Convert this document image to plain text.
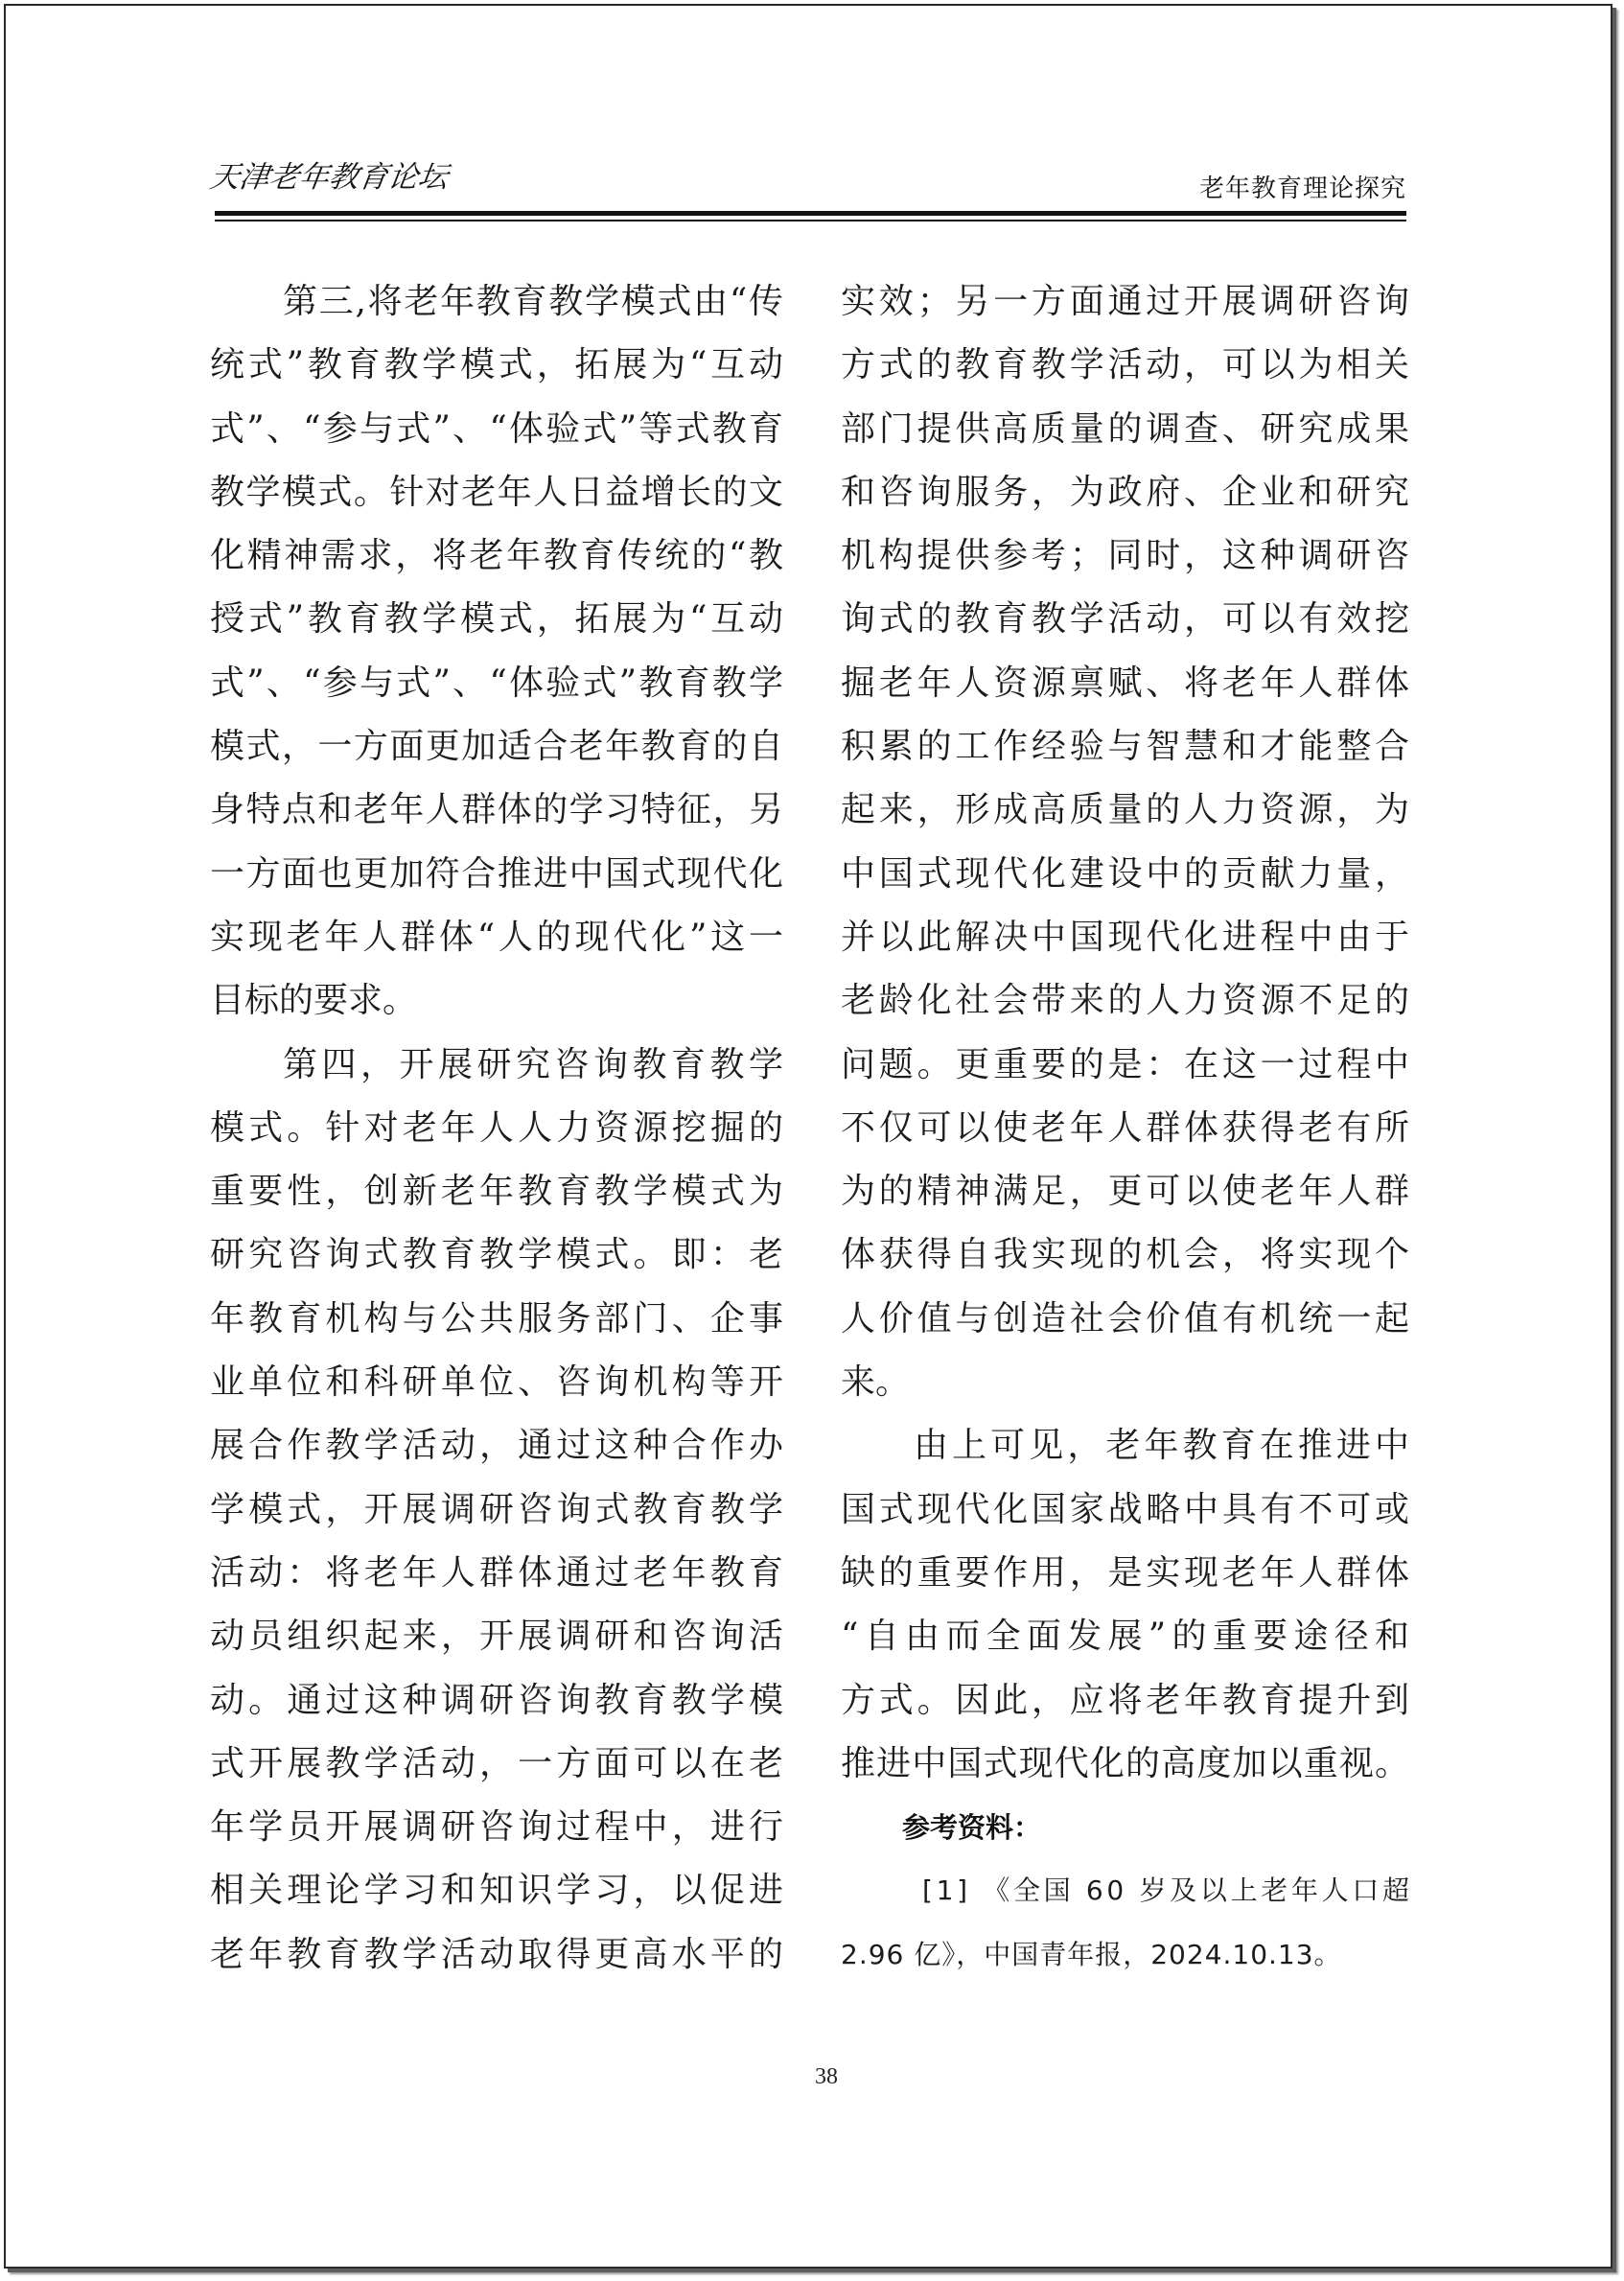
天津老年教育论坛	老年教育理论探究
第三,将老年教育教学模式由“传
统式”教育教学模式，拓展为“互动
式”、“参与式”、“体验式”等式教育
教学模式。针对老年人日益增长的文
化精神需求，将老年教育传统的“教
授式”教育教学模式，拓展为“互动
式”、“参与式”、“体验式”教育教学
模式，一方面更加适合老年教育的自
身特点和老年人群体的学习特征，另
一方面也更加符合推进中国式现代化
实现老年人群体“人的现代化”这一
目标的要求。
第四，开展研究咨询教育教学
模式。针对老年人人力资源挖掘的
重要性，创新老年教育教学模式为
研究咨询式教育教学模式。即：老
年教育机构与公共服务部门、企事
业单位和科研单位、咨询机构等开
展合作教学活动，通过这种合作办
学模式，开展调研咨询式教育教学
活动：将老年人群体通过老年教育
动员组织起来，开展调研和咨询活
动。通过这种调研咨询教育教学模
式开展教学活动，一方面可以在老
年学员开展调研咨询过程中，进行
相关理论学习和知识学习，以促进
老年教育教学活动取得更高水平的
实效；另一方面通过开展调研咨询
方式的教育教学活动，可以为相关
部门提供高质量的调查、研究成果
和咨询服务，为政府、企业和研究
机构提供参考；同时，这种调研咨
询式的教育教学活动，可以有效挖
掘老年人资源禀赋、将老年人群体
积累的工作经验与智慧和才能整合
起来，形成高质量的人力资源，为
中国式现代化建设中的贡献力量，
并以此解决中国现代化进程中由于
老龄化社会带来的人力资源不足的
问题。更重要的是：在这一过程中
不仅可以使老年人群体获得老有所
为的精神满足，更可以使老年人群
体获得自我实现的机会，将实现个
人价值与创造社会价值有机统一起
来。
由上可见，老年教育在推进中
国式现代化国家战略中具有不可或
缺的重要作用，是实现老年人群体
“自由而全面发展”的重要途径和
方式。因此，应将老年教育提升到
推进中国式现代化的高度加以重视。
参考资料：
[1] 《全国 60 岁及以上老年人口超
2.96 亿》，中国青年报，2024.10.13。
38
